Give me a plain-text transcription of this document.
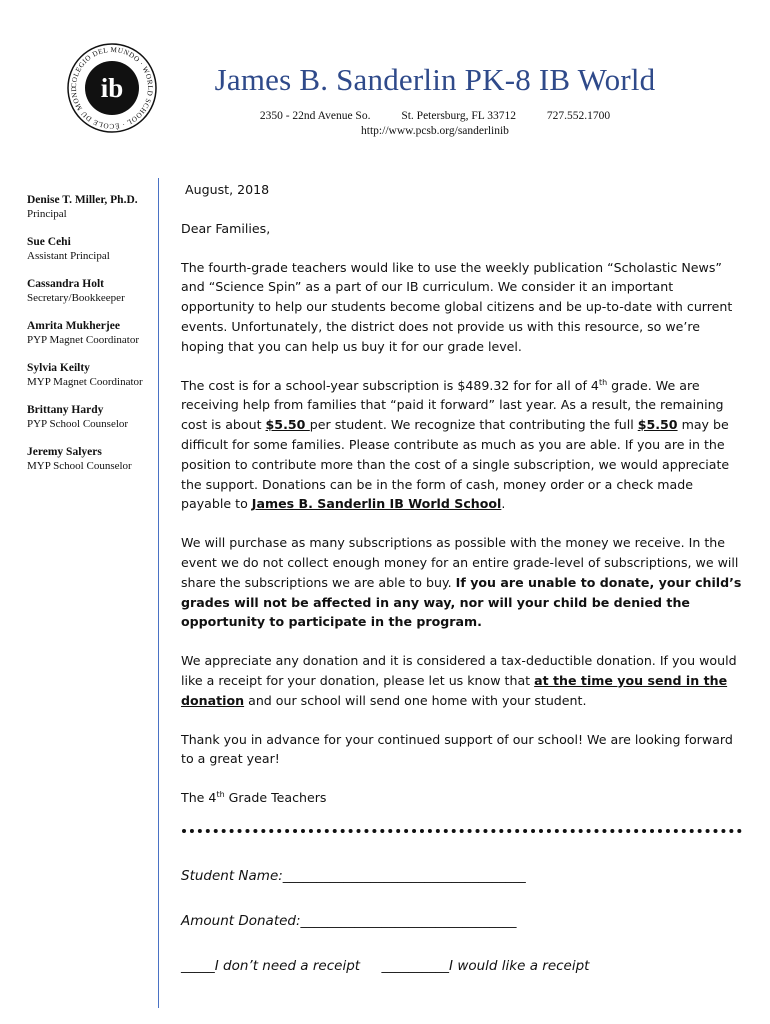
COLEGIO DEL MUNDO · WORLD SCHOOL · ÉCOLE DU MOND ib	James B. Sanderlin PK-8 IB World
2350 - 22nd Avenue So.	St. Petersburg, FL 33712	727.552.1700
http://www.pcsb.org/sanderlinib
Denise T. Miller, Ph.D.
Principal
Sue Cehi
Assistant Principal
Cassandra Holt
Secretary/Bookkeeper
Amrita Mukherjee
PYP Magnet Coordinator
Sylvia Keilty
MYP Magnet Coordinator
Brittany Hardy
PYP School Counselor
Jeremy Salyers
MYP School Counselor

August, 2018

Dear Families,

The fourth-grade teachers would like to use the weekly publication “Scholastic News” and “Science Spin” as a part of our IB curriculum. We consider it an important opportunity to help our students become global citizens and be up-to-date with current events. Unfortunately, the district does not provide us with this resource, so we’re hoping that you can help us buy it for our grade level.

The cost is for a school-year subscription is $489.32 for for all of 4th grade. We are receiving help from families that “paid it forward” last year. As a result, the remaining cost is about $5.50 per student. We recognize that contributing the full $5.50 may be difficult for some families. Please contribute as much as you are able. If you are in the position to contribute more than the cost of a single subscription, we would appreciate the support. Donations can be in the form of cash, money order or a check made payable to James B. Sanderlin IB World School.

We will purchase as many subscriptions as possible with the money we receive. In the event we do not collect enough money for an entire grade-level of subscriptions, we will share the subscriptions we are able to buy. If you are unable to donate, your child’s grades will not be affected in any way, nor will your child be denied the opportunity to participate in the program.

We appreciate any donation and it is considered a tax-deductible donation. If you would like a receipt for your donation, please let us know that at the time you send in the donation and our school will send one home with your student.

Thank you in advance for your continued support of our school! We are looking forward to a great year!

The 4th Grade Teachers

Student Name:____________________________________
Amount Donated:________________________________
_____I don’t need a receipt __________I would like a receipt
